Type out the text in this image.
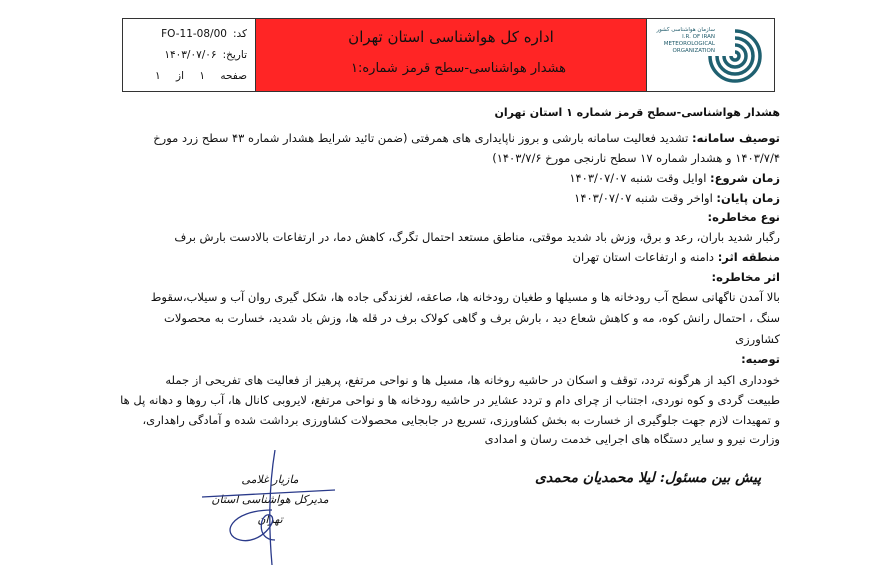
کد:
FO-11-08/00
تاریخ:
۱۴۰۳/۰۷/۰۶
صفحه

۱

از

۱
اداره کل هواشناسی استان تهران
هشدار هواشناسی-سطح قرمز
شماره:۱
سازمان هواشناسی کشور
I.R. OF IRAN
METEOROLOGICAL
ORGANIZATION
هشدار هواشناسی-سطح قرمز شماره ۱ استان تهران
توصیف سامانه: تشدید فعالیت سامانه بارشی و بروز ناپایداری های همرفتی (ضمن تائید شرایط هشدار شماره ۴۳ سطح زرد مورخ
۱۴۰۳/۷/۴ و هشدار شماره ۱۷ سطح نارنجی مورخ ۱۴۰۳/۷/۶)
زمان شروع: اوایل وقت شنبه ۱۴۰۳/۰۷/۰۷
زمان پایان: اواخر وقت شنبه ۱۴۰۳/۰۷/۰۷
نوع مخاطره:
رگبار شدید باران، رعد و برق، وزش باد شدید موقتی، مناطق مستعد احتمال تگرگ، کاهش دما، در ارتفاعات بالادست بارش برف
منطقه اثر: دامنه و ارتفاعات استان تهران
اثر مخاطره:
بالا آمدن ناگهانی سطح آب رودخانه ها و مسیلها و طغیان رودخانه ها، صاعقه، لغزندگی جاده ها، شکل گیری روان آب و سیلاب،سقوط
سنگ ، احتمال رانش کوه، مه و کاهش شعاع دید ، بارش برف و گاهی کولاک برف در قله ها، وزش باد شدید، خسارت به محصولات
کشاورزی
توصیه:
خودداری اکید از هرگونه تردد، توقف و اسکان در حاشیه روخانه ها، مسیل ها و نواحی مرتفع، پرهیز از فعالیت های تفریحی از جمله
طبیعت گردی و کوه نوردی، اجتناب از چرای دام و تردد عشایر در حاشیه رودخانه ها و نواحی مرتفع، لایروبی کانال ها، آب روها و دهانه پل ها
و تمهیدات لازم جهت جلوگیری از خسارت به بخش کشاورزی، تسریع در جابجایی محصولات کشاورزی برداشت شده و آمادگی راهداری،
وزارت نیرو و سایر دستگاه های اجرایی خدمت رسان و امدادی
پیش بین مسئول: لیلا محمدیان محمدی
مازیار غلامی
مدیرکل هواشناسی استان تهران
